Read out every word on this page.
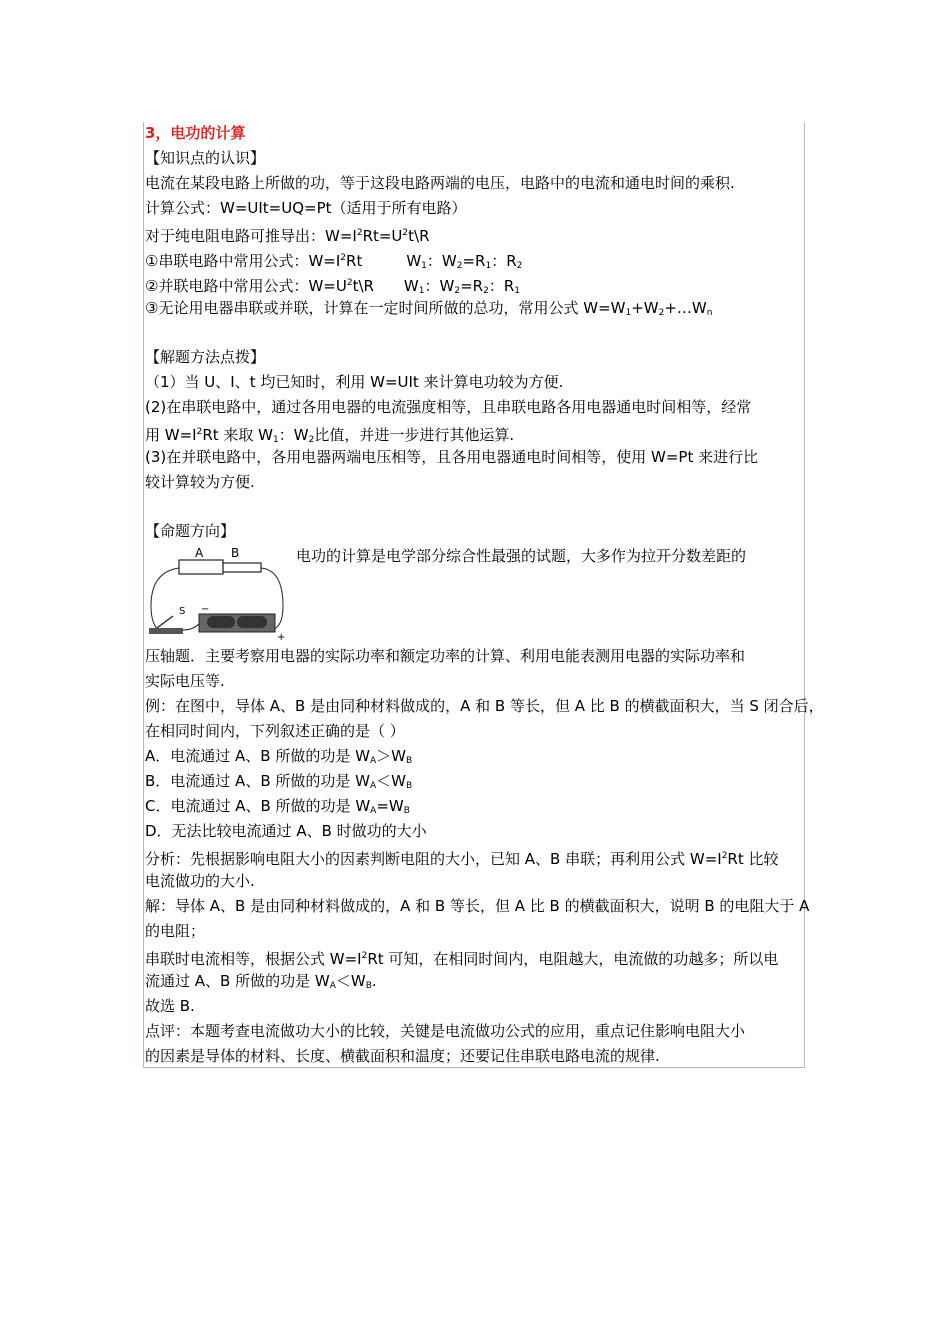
3，电功的计算
【知识点的认识】
电流在某段电路上所做的功，等于这段电路两端的电压，电路中的电流和通电时间的乘积.
计算公式：W=UIt=UQ=Pt（适用于所有电路）
对于纯电阻电路可推导出：$W=I^2Rt=U^2t\backslash R$
①串联电路中常用公式：$W=I^2Rt$	$W_1$：$W_2=R_1$：$R_2$
②并联电路中常用公式：$W=U^2t\backslash R$ $W_1$：$W_2=R_2$：$R_1$
③无论用电器串联或并联，计算在一定时间所做的总功，常用公式 $W=W_1+W_2+\dots W_n$
【解题方法点拨】
（1）当 U、I、t 均已知时，利用 W=UIt 来计算电功较为方便.
(2)在串联电路中，通过各用电器的电流强度相等，且串联电路各用电器通电时间相等，经常
用 $W=I^2Rt$ 来取 $W_1$：$W_2$比值，并进一步进行其他运算.
(3)在并联电路中，各用电器两端电压相等，且各用电器通电时间相等，使用 W=Pt 来进行比
较计算较为方便.
【命题方向】
A B
S −
+
电功的计算是电学部分综合性最强的试题，大多作为拉开分数差距的
压轴题．主要考察用电器的实际功率和额定功率的计算、利用电能表测用电器的实际功率和
实际电压等.
例：在图中，导体 A、B 是由同种材料做成的，A 和 B 等长，但 A 比 B 的横截面积大，当 S 闭合后，
在相同时间内，下列叙述正确的是（ ）
A．电流通过 A、B 所做的功是 $W_A>W_B$
B．电流通过 A、B 所做的功是 $W_A<W_B$
C．电流通过 A、B 所做的功是 $W_A=W_B$
D．无法比较电流通过 A、B 时做功的大小
分析：先根据影响电阻大小的因素判断电阻的大小，已知 A、B 串联；再利用公式 $W=I^2Rt$ 比较
电流做功的大小.
解：导体 A、B 是由同种材料做成的，A 和 B 等长，但 A 比 B 的横截面积大，说明 B 的电阻大于 A
的电阻；
串联时电流相等，根据公式 $W=I^2Rt$ 可知，在相同时间内，电阻越大，电流做的功越多；所以电
流通过 A、B 所做的功是 $W_A<W_B$.
故选 B.
点评：本题考查电流做功大小的比较，关键是电流做功公式的应用，重点记住影响电阻大小
的因素是导体的材料、长度、横截面积和温度；还要记住串联电路电流的规律.
